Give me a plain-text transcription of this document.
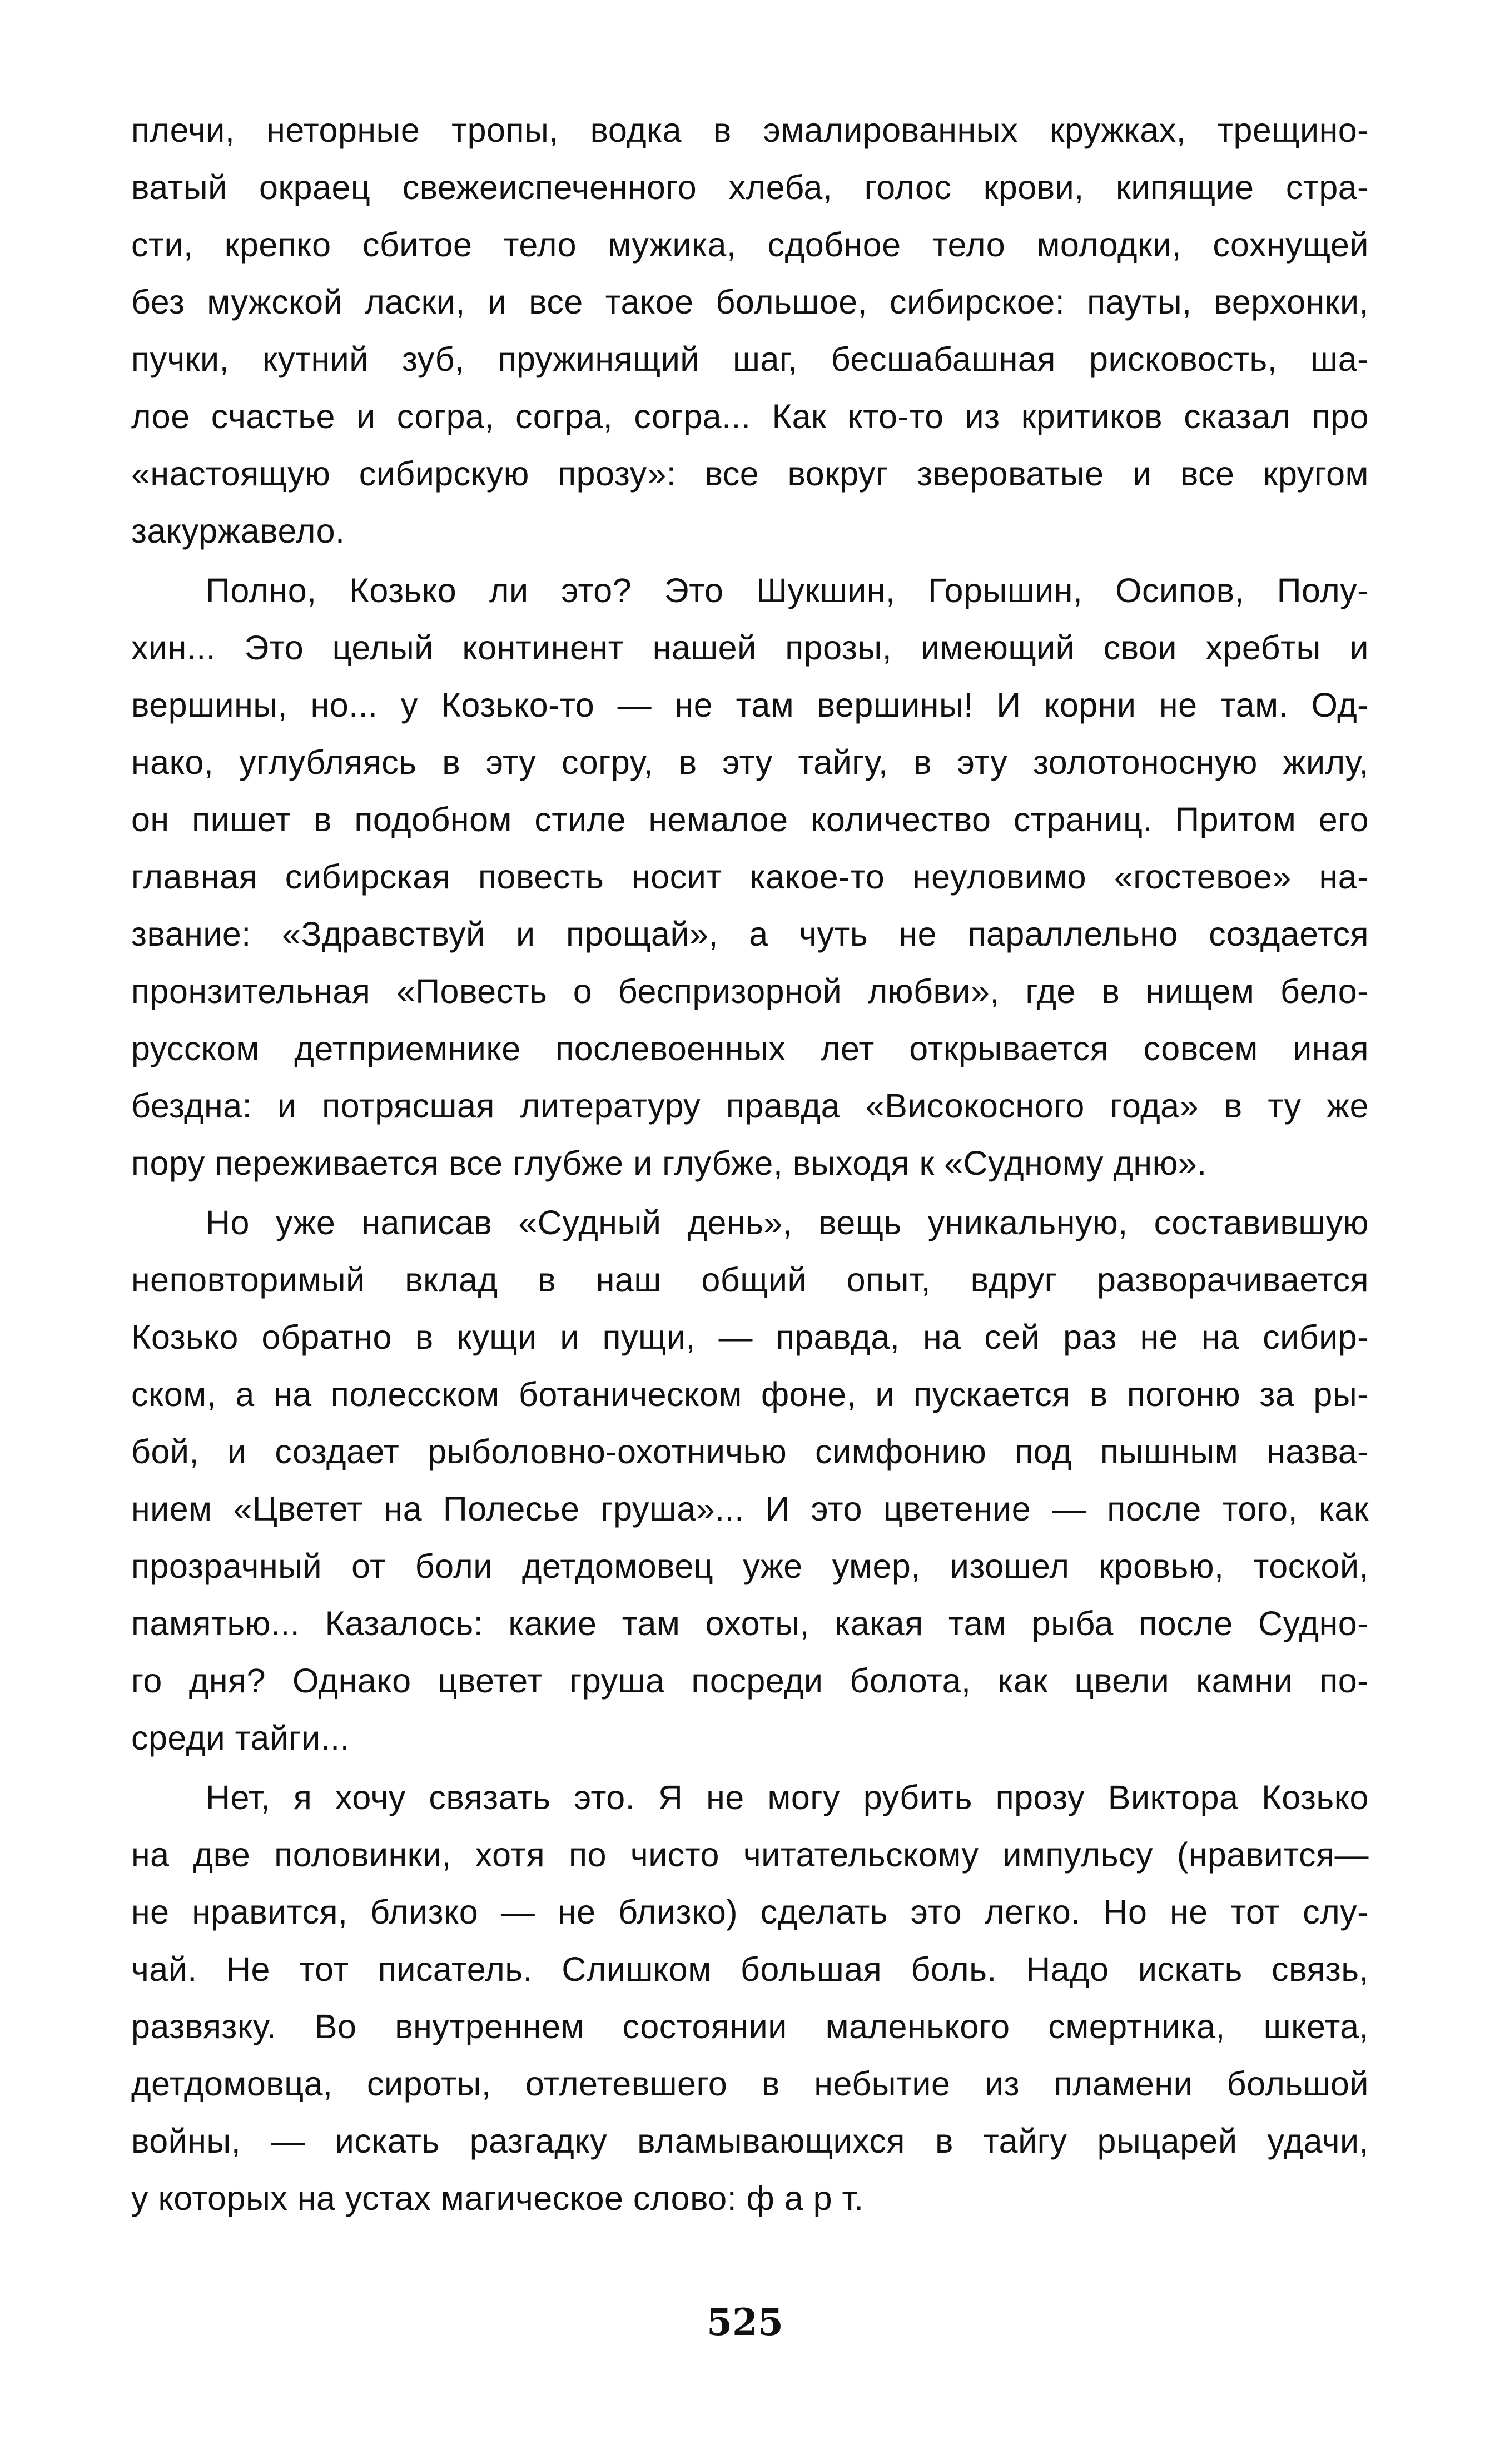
плечи, неторные тропы, водка в эмалированных кружках, трещино-
ватый окраец свежеиспеченного хлеба, голос крови, кипящие стра-
сти, крепко сбитое тело мужика, сдобное тело молодки, сохнущей
без мужской ласки, и все такое большое, сибирское: пауты, верхонки,
пучки, кутний зуб, пружинящий шаг, бесшабашная рисковость, ша-
лое счастье и согра, согра, согра... Как кто-то из критиков сказал про
«настоящую сибирскую прозу»: все вокруг звероватые и все кругом
закуржавело.
Полно, Козько ли это? Это Шукшин, Горышин, Осипов, Полу-
хин... Это целый континент нашей прозы, имеющий свои хребты и
вершины, но... у Козько-то — не там вершины! И корни не там. Од-
нако, углубляясь в эту согру, в эту тайгу, в эту золотоносную жилу,
он пишет в подобном стиле немалое количество страниц. Притом его
главная сибирская повесть носит какое-то неуловимо «гостевое» на-
звание: «Здравствуй и прощай», а чуть не параллельно создается
пронзительная «Повесть о беспризорной любви», где в нищем бело-
русском детприемнике послевоенных лет открывается совсем иная
бездна: и потрясшая литературу правда «Високосного года» в ту же
пору переживается все глубже и глубже, выходя к «Судному дню».
Но уже написав «Судный день», вещь уникальную, составившую
неповторимый вклад в наш общий опыт, вдруг разворачивается
Козько обратно в кущи и пущи, — правда, на сей раз не на сибир-
ском, а на полесском ботаническом фоне, и пускается в погоню за ры-
бой, и создает рыболовно-охотничью симфонию под пышным назва-
нием «Цветет на Полесье груша»... И это цветение — после того, как
прозрачный от боли детдомовец уже умер, изошел кровью, тоской,
памятью... Казалось: какие там охоты, какая там рыба после Судно-
го дня? Однако цветет груша посреди болота, как цвели камни по-
среди тайги...
Нет, я хочу связать это. Я не могу рубить прозу Виктора Козько
на две половинки, хотя по чисто читательскому импульсу (нравится—
не нравится, близко — не близко) сделать это легко. Но не тот слу-
чай. Не тот писатель. Слишком большая боль. Надо искать связь,
развязку. Во внутреннем состоянии маленького смертника, шкета,
детдомовца, сироты, отлетевшего в небытие из пламени большой
войны, — искать разгадку вламывающихся в тайгу рыцарей удачи,
у которых на устах магическое слово: ф а р т.
525
